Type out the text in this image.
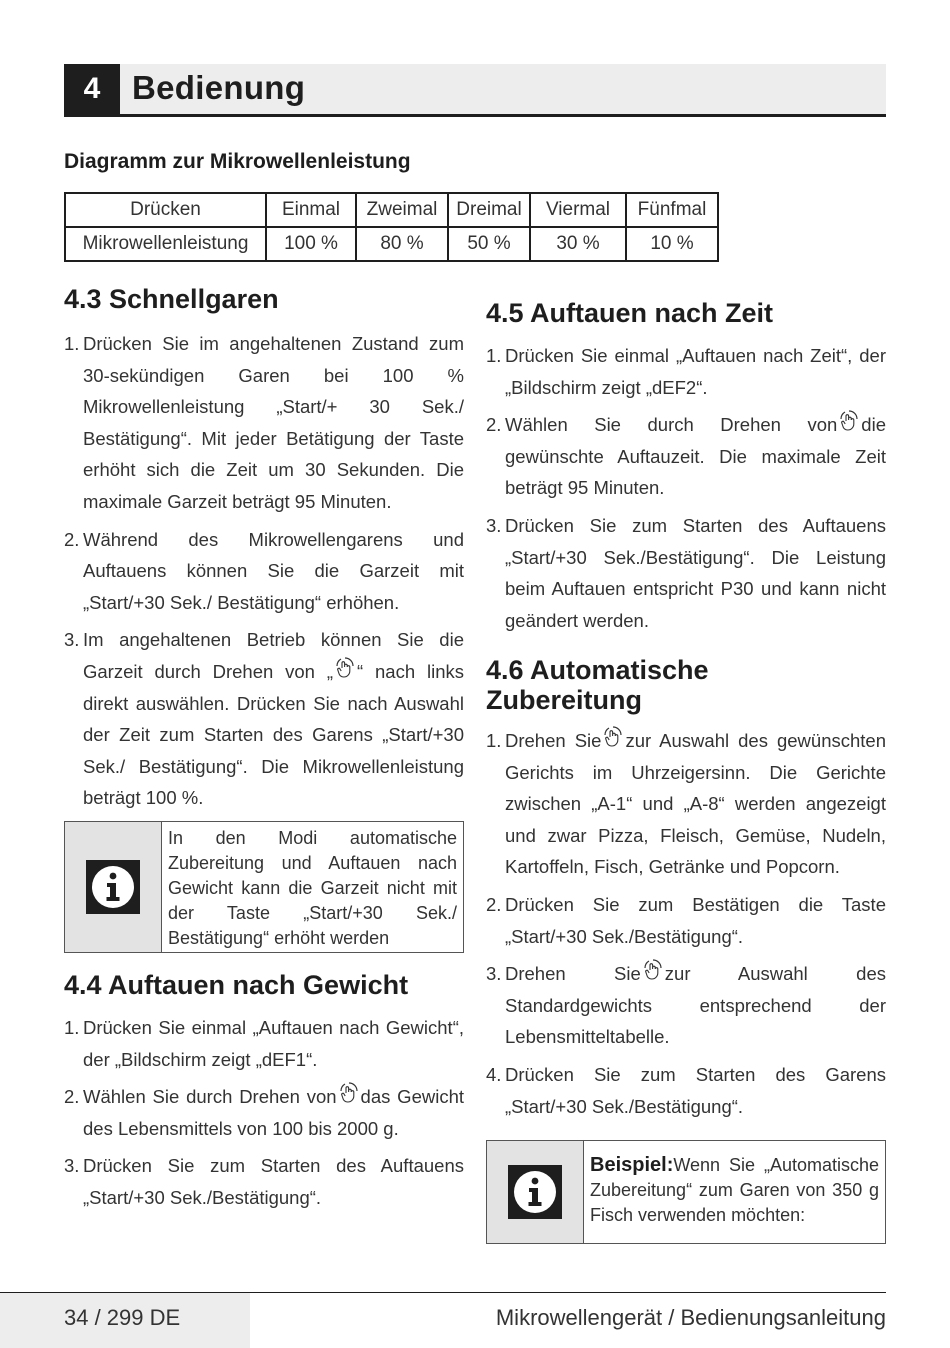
4 Bedienung
Diagramm zur Mikrowellenleistung
Drücken	Einmal	Zweimal	Dreimal	Viermal	Fünfmal
Mikrowellenleistung	100 %	80 %	50 %	30 %	10 %
4.3 Schnellgaren
1. Drücken Sie im angehaltenen Zustand zum 30-sekündigen Garen bei 100 % Mikrowellenleistung „Start/+ 30 Sek./ Bestätigung“. Mit jeder Betätigung der Taste erhöht sich die Zeit um 30 Sekunden. Die maximale Garzeit beträgt 95 Minuten.
2. Während des Mikrowellengarens und Auftauens können Sie die Garzeit mit „Start/+30 Sek./ Bestätigung“ erhöhen.
3. Im angehaltenen Betrieb können Sie die Garzeit durch Drehen von „ “ nach links direkt auswählen. Drücken Sie nach Auswahl der Zeit zum Starten des Garens „Start/+30 Sek./ Bestätigung“. Die Mikrowellenleistung beträgt 100 %.
In den Modi automatische Zubereitung und Auftauen nach Gewicht kann die Garzeit nicht mit der Taste „Start/+30 Sek./ Bestätigung“ erhöht werden
4.4 Auftauen nach Gewicht
1. Drücken Sie einmal „Auftauen nach Gewicht“, der „Bildschirm zeigt „dEF1“.
2. Wählen Sie durch Drehen von das Gewicht des Lebensmittels von 100 bis 2000 g.
3. Drücken Sie zum Starten des Auftauens „Start/+30 Sek./Bestätigung“.
4.5 Auftauen nach Zeit
1. Drücken Sie einmal „Auftauen nach Zeit“, der „Bildschirm zeigt „dEF2“.
2. Wählen Sie durch Drehen von die gewünschte Auftauzeit. Die maximale Zeit beträgt 95 Minuten.
3. Drücken Sie zum Starten des Auftauens „Start/+30 Sek./Bestätigung“. Die Leistung beim Auftauen entspricht P30 und kann nicht geändert werden.
4.6 Automatische Zubereitung
1. Drehen Sie zur Auswahl des gewünschten Gerichts im Uhrzeigersinn. Die Gerichte zwischen „A-1“ und „A-8“ werden angezeigt und zwar Pizza, Fleisch, Gemüse, Nudeln, Kartoffeln, Fisch, Getränke und Popcorn.
2. Drücken Sie zum Bestätigen die Taste „Start/+30 Sek./Bestätigung“.
3. Drehen Sie zur Auswahl des Standardgewichts entsprechend der Lebensmitteltabelle.
4. Drücken Sie zum Starten des Garens „Start/+30 Sek./Bestätigung“.
Beispiel:Wenn Sie „Automatische Zubereitung“ zum Garen von 350 g Fisch verwenden möchten:
34 / 299 DE	Mikrowellengerät / Bedienungsanleitung
